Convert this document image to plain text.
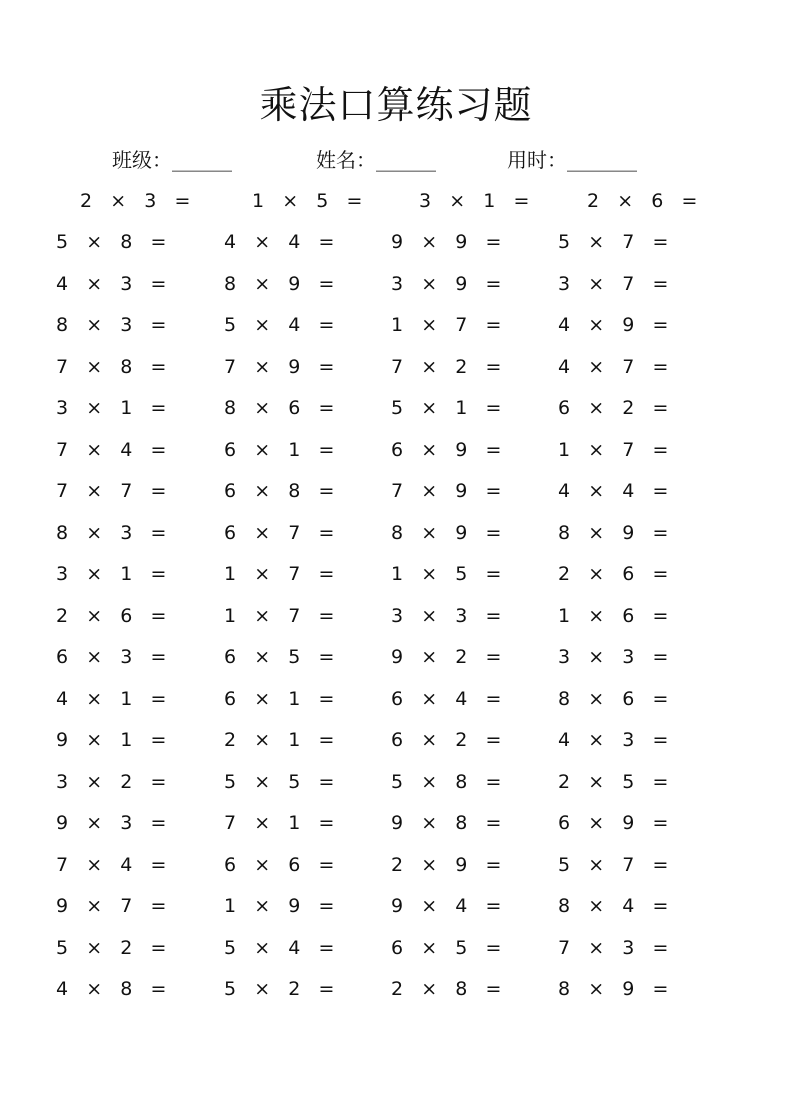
乘法口算练习题
班级：______	姓名：______	用时：_______
2   ×   3   =	1   ×   5   =	3   ×   1   =	2   ×   6   =
5   ×   8   =	4   ×   4   =	9   ×   9   =	5   ×   7   =
4   ×   3   =	8   ×   9   =	3   ×   9   =	3   ×   7   =
8   ×   3   =	5   ×   4   =	1   ×   7   =	4   ×   9   =
7   ×   8   =	7   ×   9   =	7   ×   2   =	4   ×   7   =
3   ×   1   =	8   ×   6   =	5   ×   1   =	6   ×   2   =
7   ×   4   =	6   ×   1   =	6   ×   9   =	1   ×   7   =
7   ×   7   =	6   ×   8   =	7   ×   9   =	4   ×   4   =
8   ×   3   =	6   ×   7   =	8   ×   9   =	8   ×   9   =
3   ×   1   =	1   ×   7   =	1   ×   5   =	2   ×   6   =
2   ×   6   =	1   ×   7   =	3   ×   3   =	1   ×   6   =
6   ×   3   =	6   ×   5   =	9   ×   2   =	3   ×   3   =
4   ×   1   =	6   ×   1   =	6   ×   4   =	8   ×   6   =
9   ×   1   =	2   ×   1   =	6   ×   2   =	4   ×   3   =
3   ×   2   =	5   ×   5   =	5   ×   8   =	2   ×   5   =
9   ×   3   =	7   ×   1   =	9   ×   8   =	6   ×   9   =
7   ×   4   =	6   ×   6   =	2   ×   9   =	5   ×   7   =
9   ×   7   =	1   ×   9   =	9   ×   4   =	8   ×   4   =
5   ×   2   =	5   ×   4   =	6   ×   5   =	7   ×   3   =
4   ×   8   =	5   ×   2   =	2   ×   8   =	8   ×   9   =
